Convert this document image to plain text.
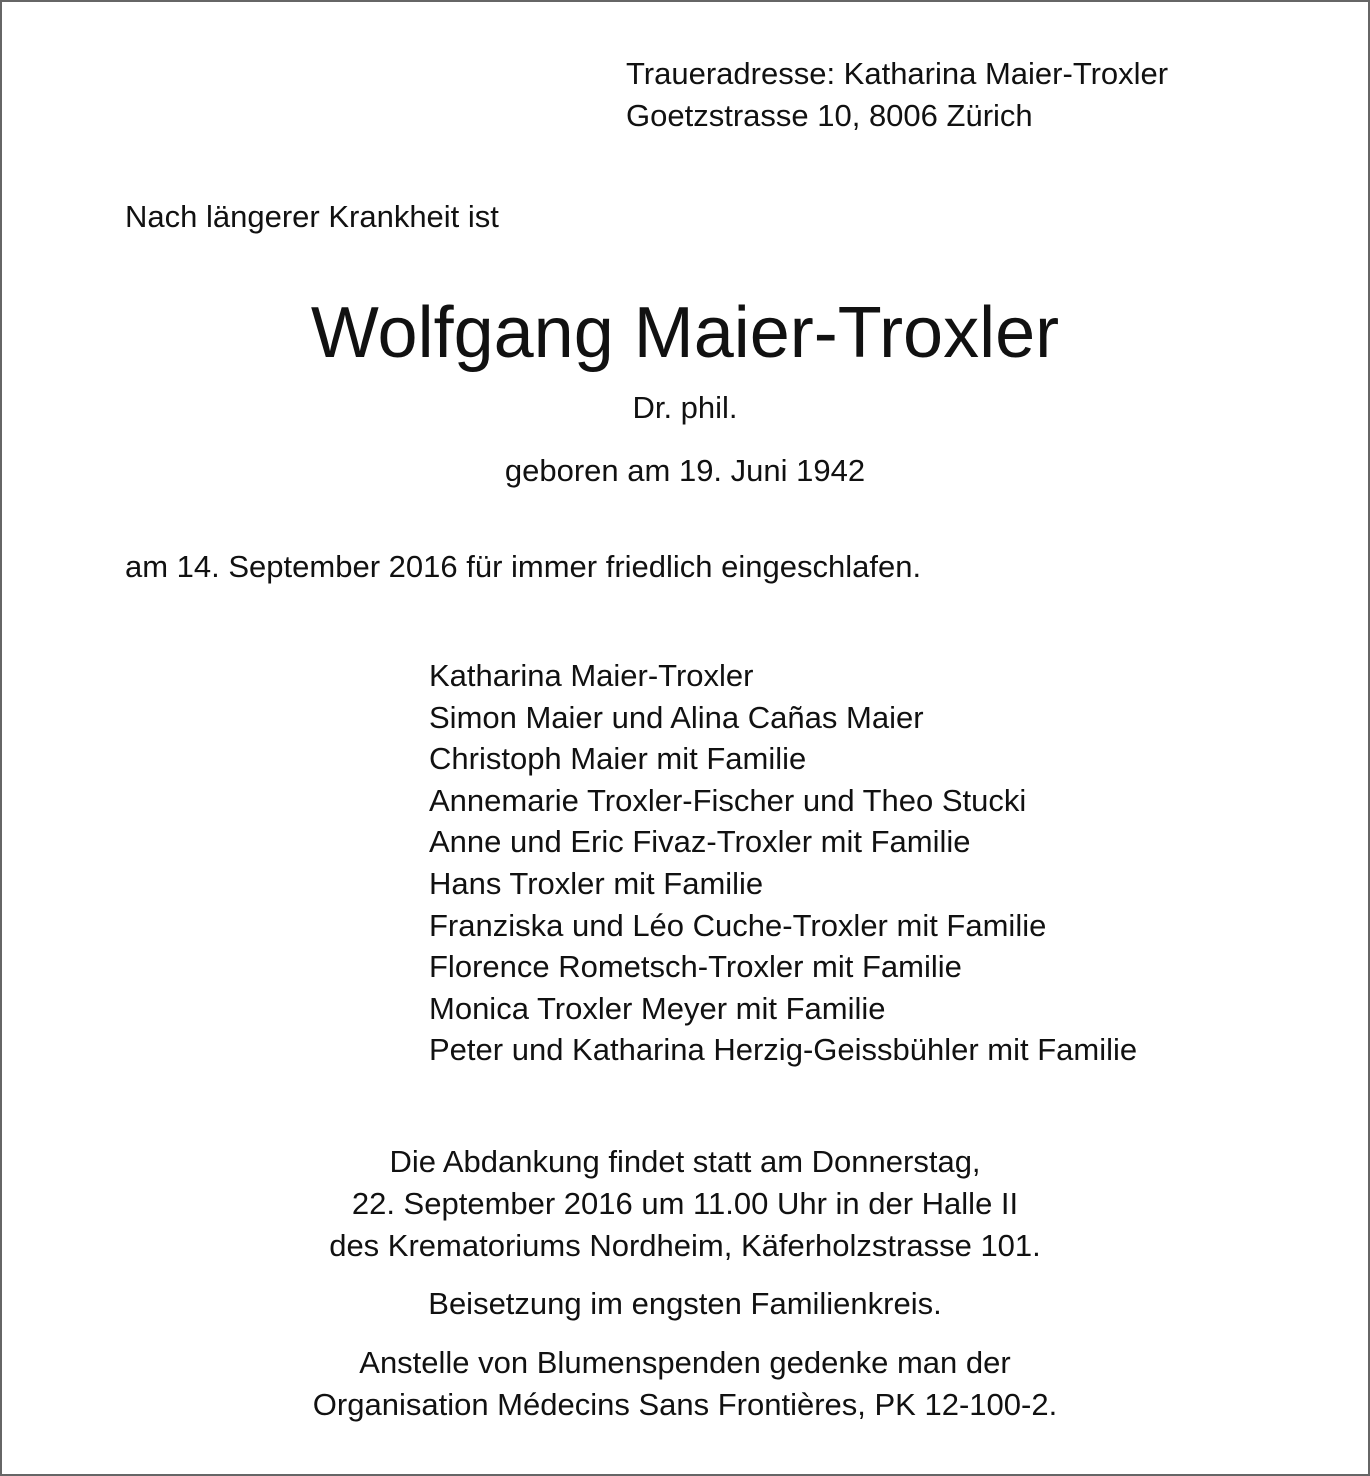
Traueradresse: Katharina Maier-Troxler
Goetzstrasse 10, 8006 Zürich
Nach längerer Krankheit ist
Wolfgang Maier-Troxler
Dr. phil.
geboren am 19. Juni 1942
am 14. September 2016 für immer friedlich eingeschlafen.
Katharina Maier-Troxler
Simon Maier und Alina Cañas Maier
Christoph Maier mit Familie
Annemarie Troxler-Fischer und Theo Stucki
Anne und Eric Fivaz-Troxler mit Familie
Hans Troxler mit Familie
Franziska und Léo Cuche-Troxler mit Familie
Florence Rometsch-Troxler mit Familie
Monica Troxler Meyer mit Familie
Peter und Katharina Herzig-Geissbühler mit Familie
Die Abdankung findet statt am Donnerstag,
22. September 2016 um 11.00 Uhr in der Halle II
des Krematoriums Nordheim, Käferholzstrasse 101.
Beisetzung im engsten Familienkreis.
Anstelle von Blumenspenden gedenke man der
Organisation Médecins Sans Frontières, PK 12-100-2.
